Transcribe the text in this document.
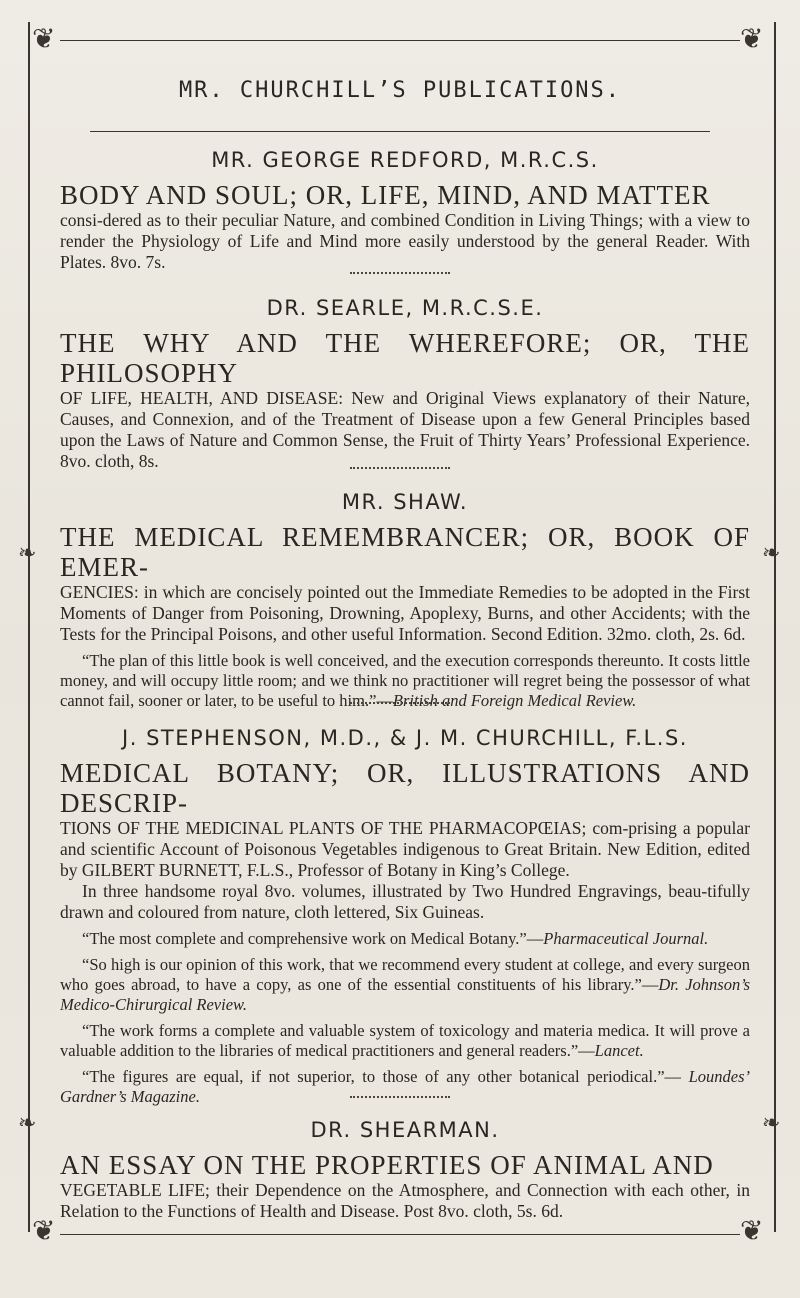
❦	❦
❦	❦
❧	❧
❧	❧
MR. CHURCHILL’S PUBLICATIONS.
MR. GEORGE REDFORD, M.R.C.S.
BODY AND SOUL; OR, LIFE, MIND, AND MATTER
consi-dered as to their peculiar Nature, and combined Condition in Living Things; with a view to render the Physiology of Life and Mind more easily understood by the general Reader. With Plates. 8vo. 7s.
DR. SEARLE, M.R.C.S.E.
THE WHY AND THE WHEREFORE; OR, THE PHILOSOPHY
OF LIFE, HEALTH, AND DISEASE: New and Original Views explanatory of their Nature, Causes, and Connexion, and of the Treatment of Disease upon a few General Principles based upon the Laws of Nature and Common Sense, the Fruit of Thirty Years’ Professional Experience. 8vo. cloth, 8s.
MR. SHAW.
THE MEDICAL REMEMBRANCER; OR, BOOK OF EMER-
GENCIES: in which are concisely pointed out the Immediate Remedies to be adopted in the First Moments of Danger from Poisoning, Drowning, Apoplexy, Burns, and other Accidents; with the Tests for the Principal Poisons, and other useful Information. Second Edition. 32mo. cloth, 2s. 6d.
“The plan of this little book is well conceived, and the execution corresponds thereunto. It costs little money, and will occupy little room; and we think no practitioner will regret being the possessor of what cannot fail, sooner or later, to be useful to him.”—British and Foreign Medical Review.
J. STEPHENSON, M.D., & J. M. CHURCHILL, F.L.S.
MEDICAL BOTANY; OR, ILLUSTRATIONS AND DESCRIP-
TIONS OF THE MEDICINAL PLANTS OF THE PHARMACOPŒIAS; com-prising a popular and scientific Account of Poisonous Vegetables indigenous to Great Britain. New Edition, edited by GILBERT BURNETT, F.L.S., Professor of Botany in King’s College.
In three handsome royal 8vo. volumes, illustrated by Two Hundred Engravings, beau-tifully drawn and coloured from nature, cloth lettered, Six Guineas.
“The most complete and comprehensive work on Medical Botany.”—Pharmaceutical Journal.
“So high is our opinion of this work, that we recommend every student at college, and every surgeon who goes abroad, to have a copy, as one of the essential constituents of his library.”—Dr. Johnson’s Medico-Chirurgical Review.
“The work forms a complete and valuable system of toxicology and materia medica. It will prove a valuable addition to the libraries of medical practitioners and general readers.”—Lancet.
“The figures are equal, if not superior, to those of any other botanical periodical.”— Loundes’ Gardner’s Magazine.
DR. SHEARMAN.
AN ESSAY ON THE PROPERTIES OF ANIMAL AND
VEGETABLE LIFE; their Dependence on the Atmosphere, and Connection with each other, in Relation to the Functions of Health and Disease. Post 8vo. cloth, 5s. 6d.
